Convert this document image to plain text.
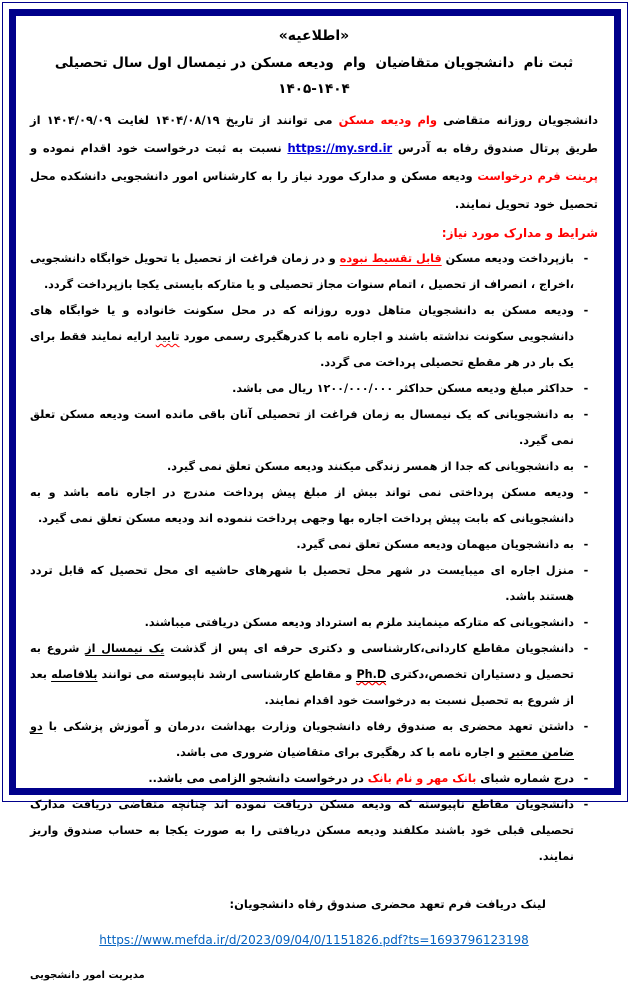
«اطلاعیه»
ثبت نام  دانشجویان متقاضیان  وام  ودیعه مسکن در نیمسال اول سال تحصیلی ۱۴۰۴-۱۴۰۵

دانشجویان روزانه متقاضی وام ودیعه مسکن می توانند از تاریخ ۱۴۰۴/۰۸/۱۹ لغایت ۱۴۰۴/۰۹/۰۹ از طریق پرتال صندوق رفاه به آدرس https://my.srd.ir نسبت به ثبت درخواست خود اقدام نموده و پرینت فرم درخواست ودیعه مسکن و مدارک مورد نیاز را به کارشناس امور دانشجویی دانشکده محل تحصیل خود تحویل نمایند.

شرایط و مدارک مورد نیاز:
-
بازپرداخت ودیعه مسکن قابل تقسیط نبوده و در زمان فراغت از تحصیل یا تحویل خوابگاه دانشجویی ،اخراج ، انصراف از تحصیل ، اتمام سنوات مجاز تحصیلی و یا متارکه بایستی یکجا بازپرداخت گردد.
-
ودیعه مسکن به دانشجویان متاهل دوره روزانه که در محل سکونت خانواده و یا خوابگاه های دانشجویی سکونت نداشته باشند و اجاره نامه با کدرهگیری رسمی مورد تایید ارایه نمایند فقط برای یک بار در هر مقطع تحصیلی پرداخت می گردد.
-
حداکثر مبلغ ودیعه مسکن حداکثر ۱۲۰۰/۰۰۰/۰۰۰ ریال می باشد.
-
به دانشجویانی که یک نیمسال به زمان فراغت از تحصیلی آنان باقی مانده است ودیعه مسکن تعلق نمی گیرد.
-
به دانشجویانی که جدا از همسر زندگی میکنند ودیعه مسکن تعلق نمی گیرد.
-
ودیعه مسکن پرداختی نمی تواند بیش از مبلغ پیش پرداخت مندرج در اجاره نامه باشد و به دانشجویانی که بابت پیش پرداخت اجاره بها وجهی پرداخت ننموده اند ودیعه مسکن تعلق نمی گیرد.
-
به دانشجویان میهمان ودیعه مسکن تعلق نمی گیرد.
-
منزل اجاره ای میبایست در شهر محل تحصیل با شهرهای حاشیه ای محل تحصیل که قابل تردد هستند باشد.
-
دانشجویانی که متارکه مینمایند ملزم به استرداد ودیعه مسکن دریافتی میباشند.
-
دانشجویان مقاطع کاردانی،کارشناسی و دکتری حرفه ای پس از گذشت یک نیمسال از شروع به تحصیل و دستیاران تخصص،دکتری Ph.D و مقاطع کارشناسی ارشد ناپیوسته می توانند بلافاصله بعد از شروع به تحصیل نسبت به درخواست خود اقدام نمایند.
-
داشتن تعهد محضری به صندوق رفاه دانشجویان وزارت بهداشت ،درمان و آموزش پزشکی با دو ضامن معتبر و اجاره نامه با کد رهگیری برای متقاضیان ضروری می باشد.
-
درج شماره شبای بانک مهر و نام بانک در درخواست دانشجو الزامی می باشد..
-
دانشجویان مقاطع ناپیوسته که ودیعه مسکن دریافت نموده اند چنانچه متقاضی دریافت مدارک تحصیلی قبلی خود باشند مکلفند ودیعه مسکن دریافتی را به صورت یکجا به حساب صندوق واریز نمایند.

لینک دریافت فرم تعهد محضری صندوق رفاه دانشجویان:

https://www.mefda.ir/d/2023/09/04/0/1151826.pdf?ts=1693796123198

مدیریت امور دانشجویی
